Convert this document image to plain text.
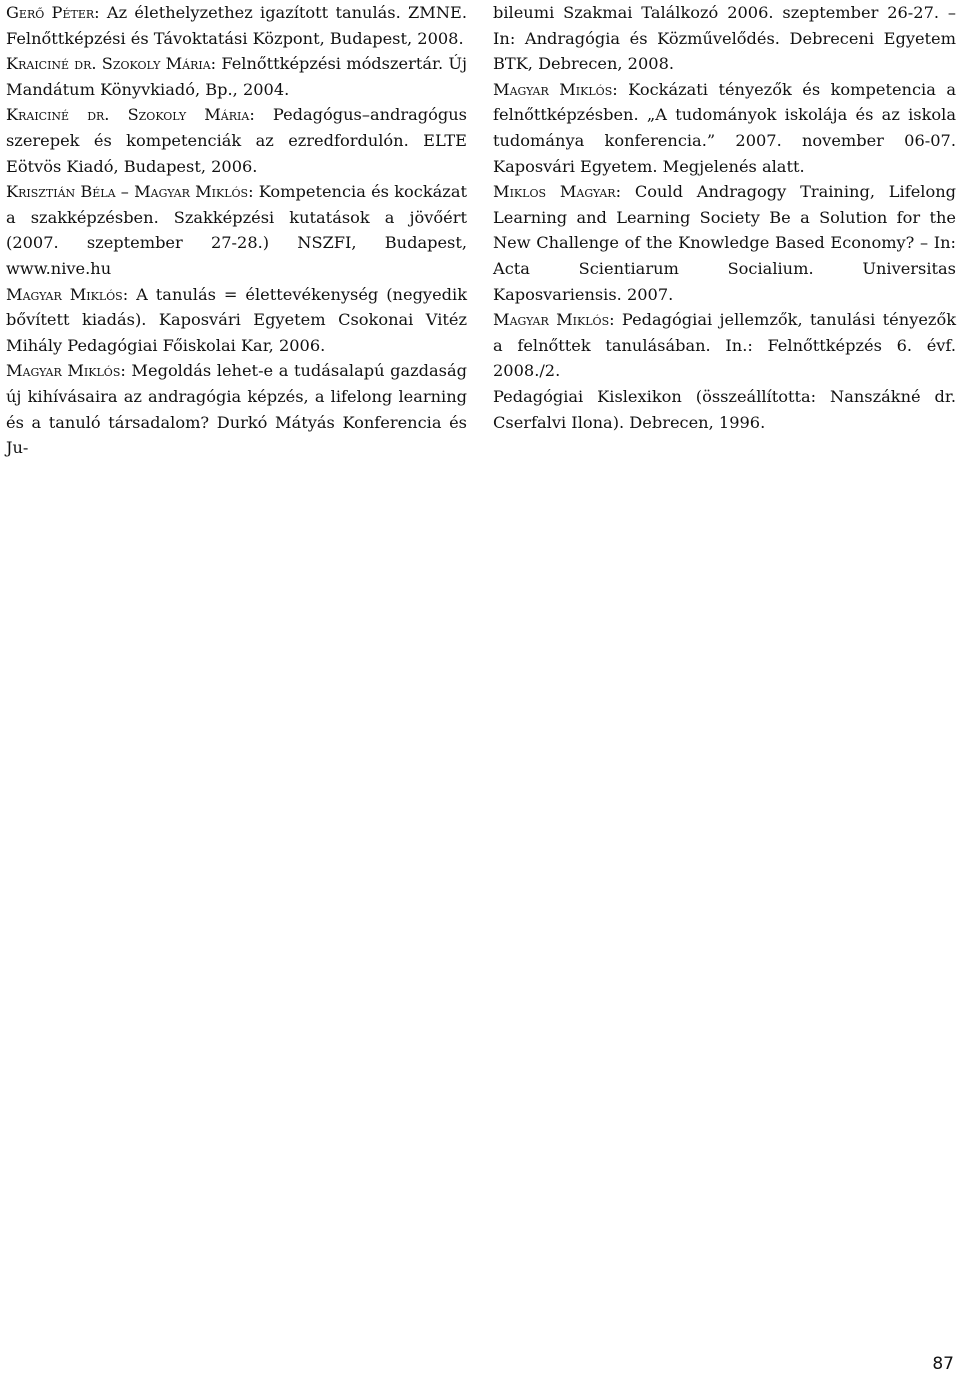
Gerő Péter: Az élethelyzethez igazított tanulás. ZMNE. Felnőttképzési és Távoktatási Központ, Budapest, 2008.

Kraiciné dr. Szokoly Mária: Felnőttképzési módszertár. Új Mandátum Könyvkiadó, Bp., 2004.

Kraiciné dr. Szokoly Mária: Pedagógus–andragógus szerepek és kompetenciák az ezredfordulón. ELTE Eötvös Kiadó, Budapest, 2006.

Krisztián Béla – Magyar Miklós: Kompetencia és kockázat a szakképzésben. Szakképzési kutatások a jövőért (2007. szeptember 27-28.) NSZFI, Budapest, www.nive.hu

Magyar Miklós: A tanulás = élettevékenység (negyedik bővített kiadás). Kaposvári Egyetem Csokonai Vitéz Mihály Pedagógiai Főiskolai Kar, 2006.

Magyar Miklós: Megoldás lehet-e a tudásalapú gazdaság új kihívásaira az andragógia képzés, a lifelong learning és a tanuló társadalom? Durkó Mátyás Konferencia és Ju-

bileumi Szakmai Találkozó 2006. szeptember 26-27. – In: Andragógia és Közművelődés. Debreceni Egyetem BTK, Debrecen, 2008.

Magyar Miklós: Kockázati tényezők és kompetencia a felnőttképzésben. „A tudományok iskolája és az iskola tudománya konferencia.” 2007. november 06-07. Kaposvári Egyetem. Megjelenés alatt.

Miklos Magyar: Could Andragogy Training, Lifelong Learning and Learning Society Be a Solution for the New Challenge of the Knowledge Based Economy? – In: Acta Scientiarum Socialium. Universitas Kaposvariensis. 2007.

Magyar Miklós: Pedagógiai jellemzők, tanulási tényezők a felnőttek tanulásában. In.: Felnőttképzés 6. évf. 2008./2.

Pedagógiai Kislexikon (összeállította: Nanszákné dr. Cserfalvi Ilona). Debrecen, 1996.

87
